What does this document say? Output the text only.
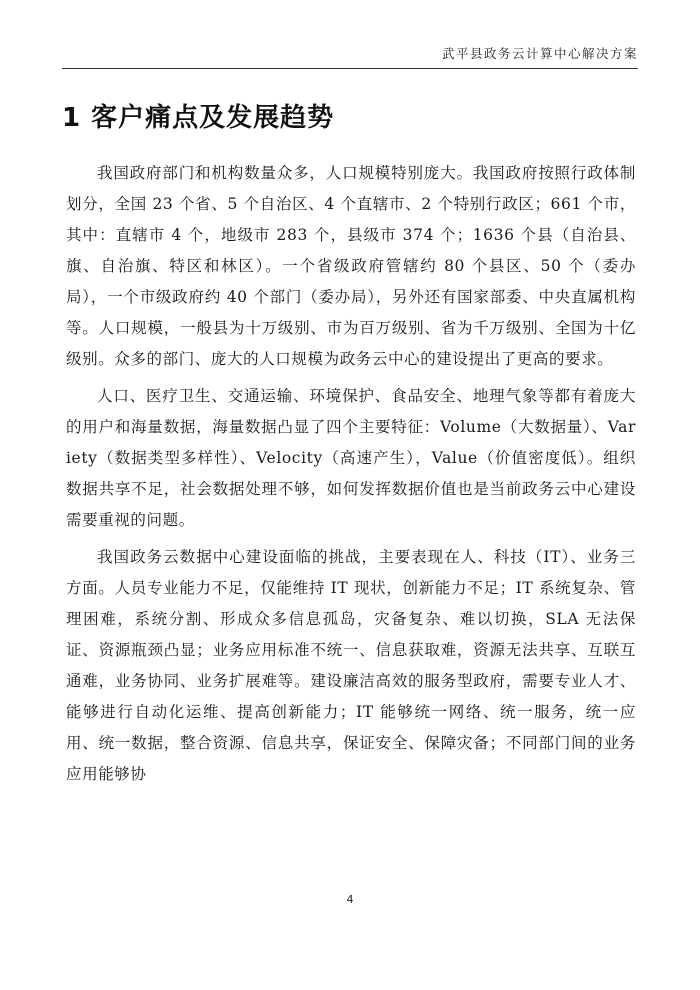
武平县政务云计算中心解决方案
1 客户痛点及发展趋势

我国政府部门和机构数量众多，人口规模特别庞大。我国政府按照行政体制划分，全国 23 个省、5 个自治区、4 个直辖市、2 个特别行政区；661 个市，其中：直辖市 4 个，地级市 283 个，县级市 374 个；1636 个县（自治县、旗、自治旗、特区和林区）。一个省级政府管辖约 80 个县区、50 个（委办局），一个市级政府约 40 个部门（委办局），另外还有国家部委、中央直属机构等。人口规模，一般县为十万级别、市为百万级别、省为千万级别、全国为十亿级别。众多的部门、庞大的人口规模为政务云中心的建设提出了更高的要求。

人口、医疗卫生、交通运输、环境保护、食品安全、地理气象等都有着庞大的用户和海量数据，海量数据凸显了四个主要特征：Volume（大数据量）、Variety（数据类型多样性）、Velocity（高速产生），Value（价值密度低）。组织数据共享不足，社会数据处理不够，如何发挥数据价值也是当前政务云中心建设需要重视的问题。

我国政务云数据中心建设面临的挑战，主要表现在人、科技（IT）、业务三方面。人员专业能力不足，仅能维持 IT 现状，创新能力不足；IT 系统复杂、管理困难，系统分割、形成众多信息孤岛，灾备复杂、难以切换，SLA 无法保证、资源瓶颈凸显；业务应用标准不统一、信息获取难，资源无法共享、互联互通难，业务协同、业务扩展难等。建设廉洁高效的服务型政府，需要专业人才、能够进行自动化运维、提高创新能力；IT 能够统一网络、统一服务，统一应用、统一数据，整合资源、信息共享，保证安全、保障灾备；不同部门间的业务应用能够协

4
